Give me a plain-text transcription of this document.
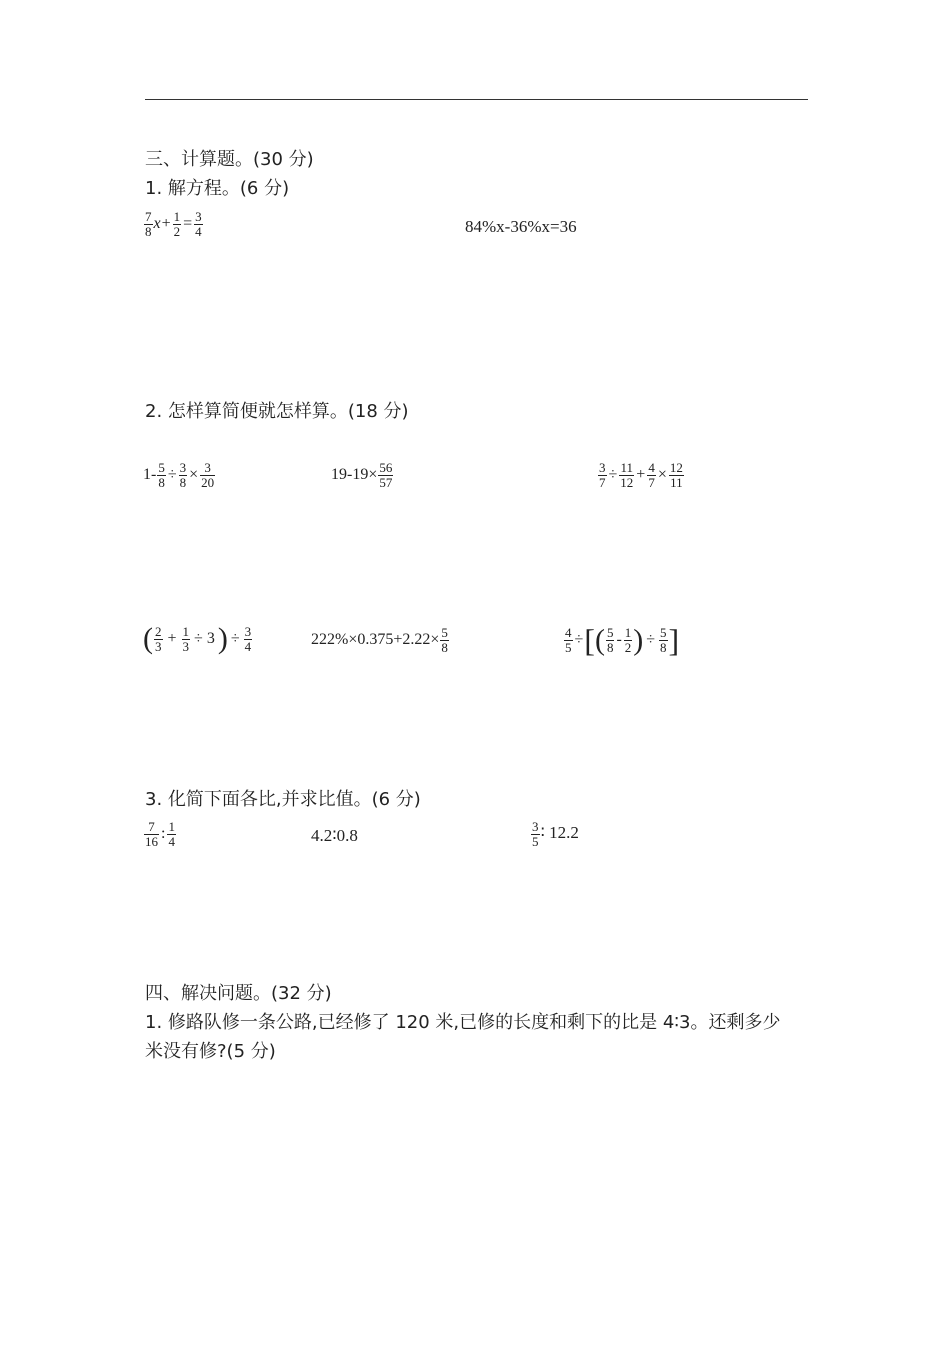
三、计算题。(30 分)
1. 解方程。(6 分)
$\frac{7}{8} x+ \frac{1}{2} = \frac{3}{4}$	84%x-36%x=36
2. 怎样算简便就怎样算。(18 分)
$1- \frac{5}{8} \div \frac{3}{8} \times \frac{3}{20}$	$19-19\times \frac{56}{57}$	$\frac{3}{7} \div \frac{11}{12} + \frac{4}{7} \times \frac{12}{11}$
( $\frac{2}{3} + \frac{1}{3} \div 3$ ) ÷ $\frac{3}{4}$	$222\%\times 0.375+2.22\times \frac{5}{8}$	$\frac{4}{5}$ ÷[( $\frac{5}{8} - \frac{1}{2}$ ) ÷ $\frac{5}{8}$ ]
3. 化简下面各比,并求比值。(6 分)
$\frac{7}{16}$ : $\frac{1}{4}$	4.2∶0.8	$\frac{3}{5}$ ∶ 12.2
四、解决问题。(32 分)
1. 修路队修一条公路,已经修了 120 米,已修的长度和剩下的比是 4∶3。还剩多少
米没有修?(5 分)
